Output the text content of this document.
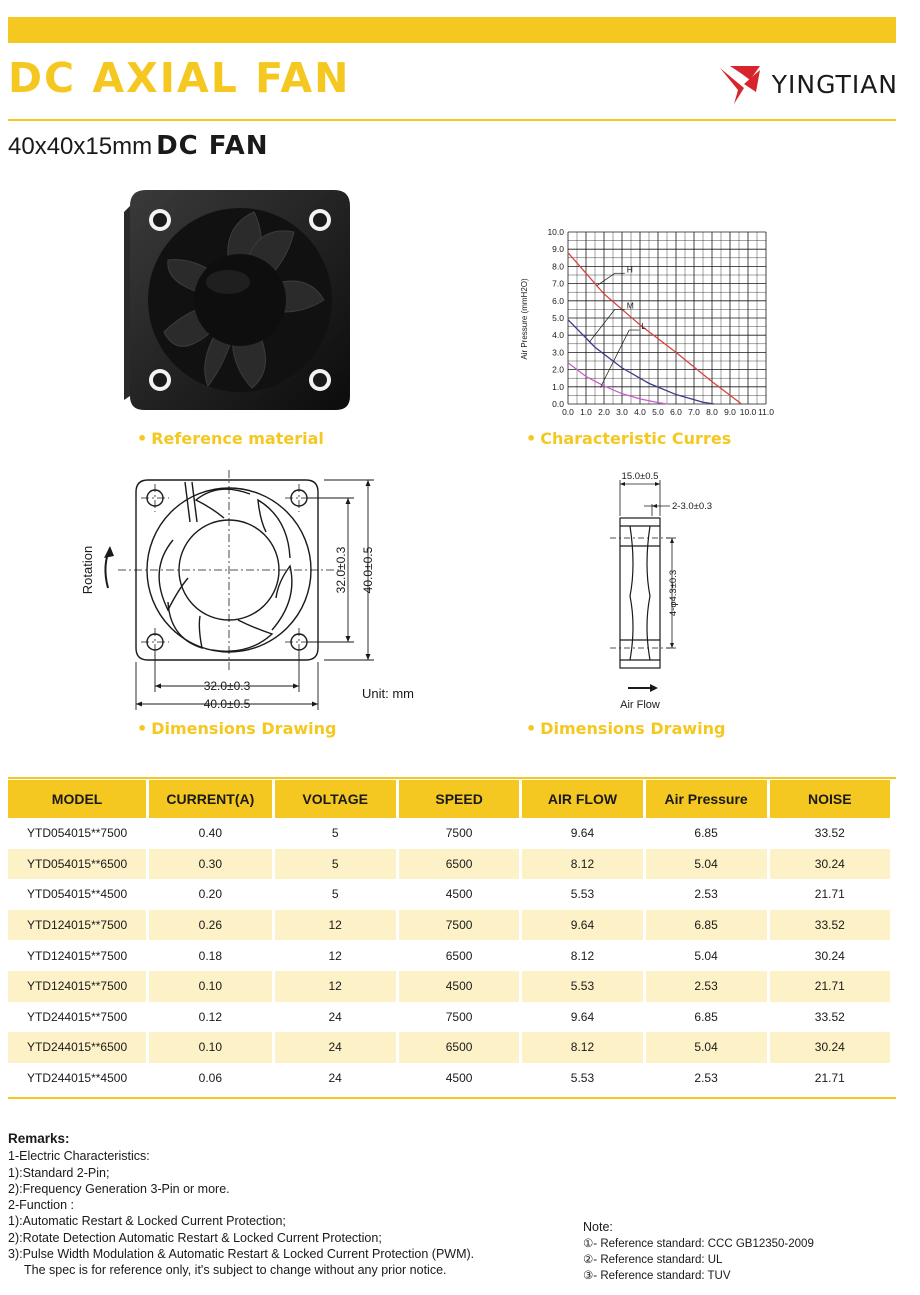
DC AXIAL FAN	YINGTIAN
40x40x15mm DC FAN
• Reference material
0.0 1.0 2.0 3.0 4.0 5.0 6.0 7.0 8.0 9.0 10.0 11.0
0.0
1.0
2.0
3.0
4.0
5.0
6.0
7.0
8.0
9.0
10.0
H
M
L
Air Pressure (mmH2O)
• Characteristic Curres
32.0±0.3
40.0±0.5
32.0±0.3 40.0±0.5
Rotation
Unit: mm
• Dimensions Drawing
15.0±0.5
2-3.0±0.3
4-φ4.3±0.3
Air Flow
• Dimensions Drawing
MODEL	CURRENT(A)	VOLTAGE	SPEED	AIR FLOW	Air Pressure	NOISE
YTD054015**7500	0.40	5	7500	9.64	6.85	33.52
YTD054015**6500	0.30	5	6500	8.12	5.04	30.24
YTD054015**4500	0.20	5	4500	5.53	2.53	21.71
YTD124015**7500	0.26	12	7500	9.64	6.85	33.52
YTD124015**7500	0.18	12	6500	8.12	5.04	30.24
YTD124015**7500	0.10	12	4500	5.53	2.53	21.71
YTD244015**7500	0.12	24	7500	9.64	6.85	33.52
YTD244015**6500	0.10	24	6500	8.12	5.04	30.24
YTD244015**4500	0.06	24	4500	5.53	2.53	21.71
Remarks:
1-Electric Characteristics:
1):Standard 2-Pin;
2):Frequency Generation 3-Pin or more.
2-Function :
1):Automatic Restart & Locked Current Protection;
2):Rotate Detection Automatic Restart & Locked Current Protection;
3):Pulse Width Modulation & Automatic Restart & Locked Current Protection (PWM).
The spec is for reference only, it's subject to change without any prior notice.
Note:
①- Reference standard: CCC GB12350-2009
②- Reference standard: UL
③- Reference standard: TUV
